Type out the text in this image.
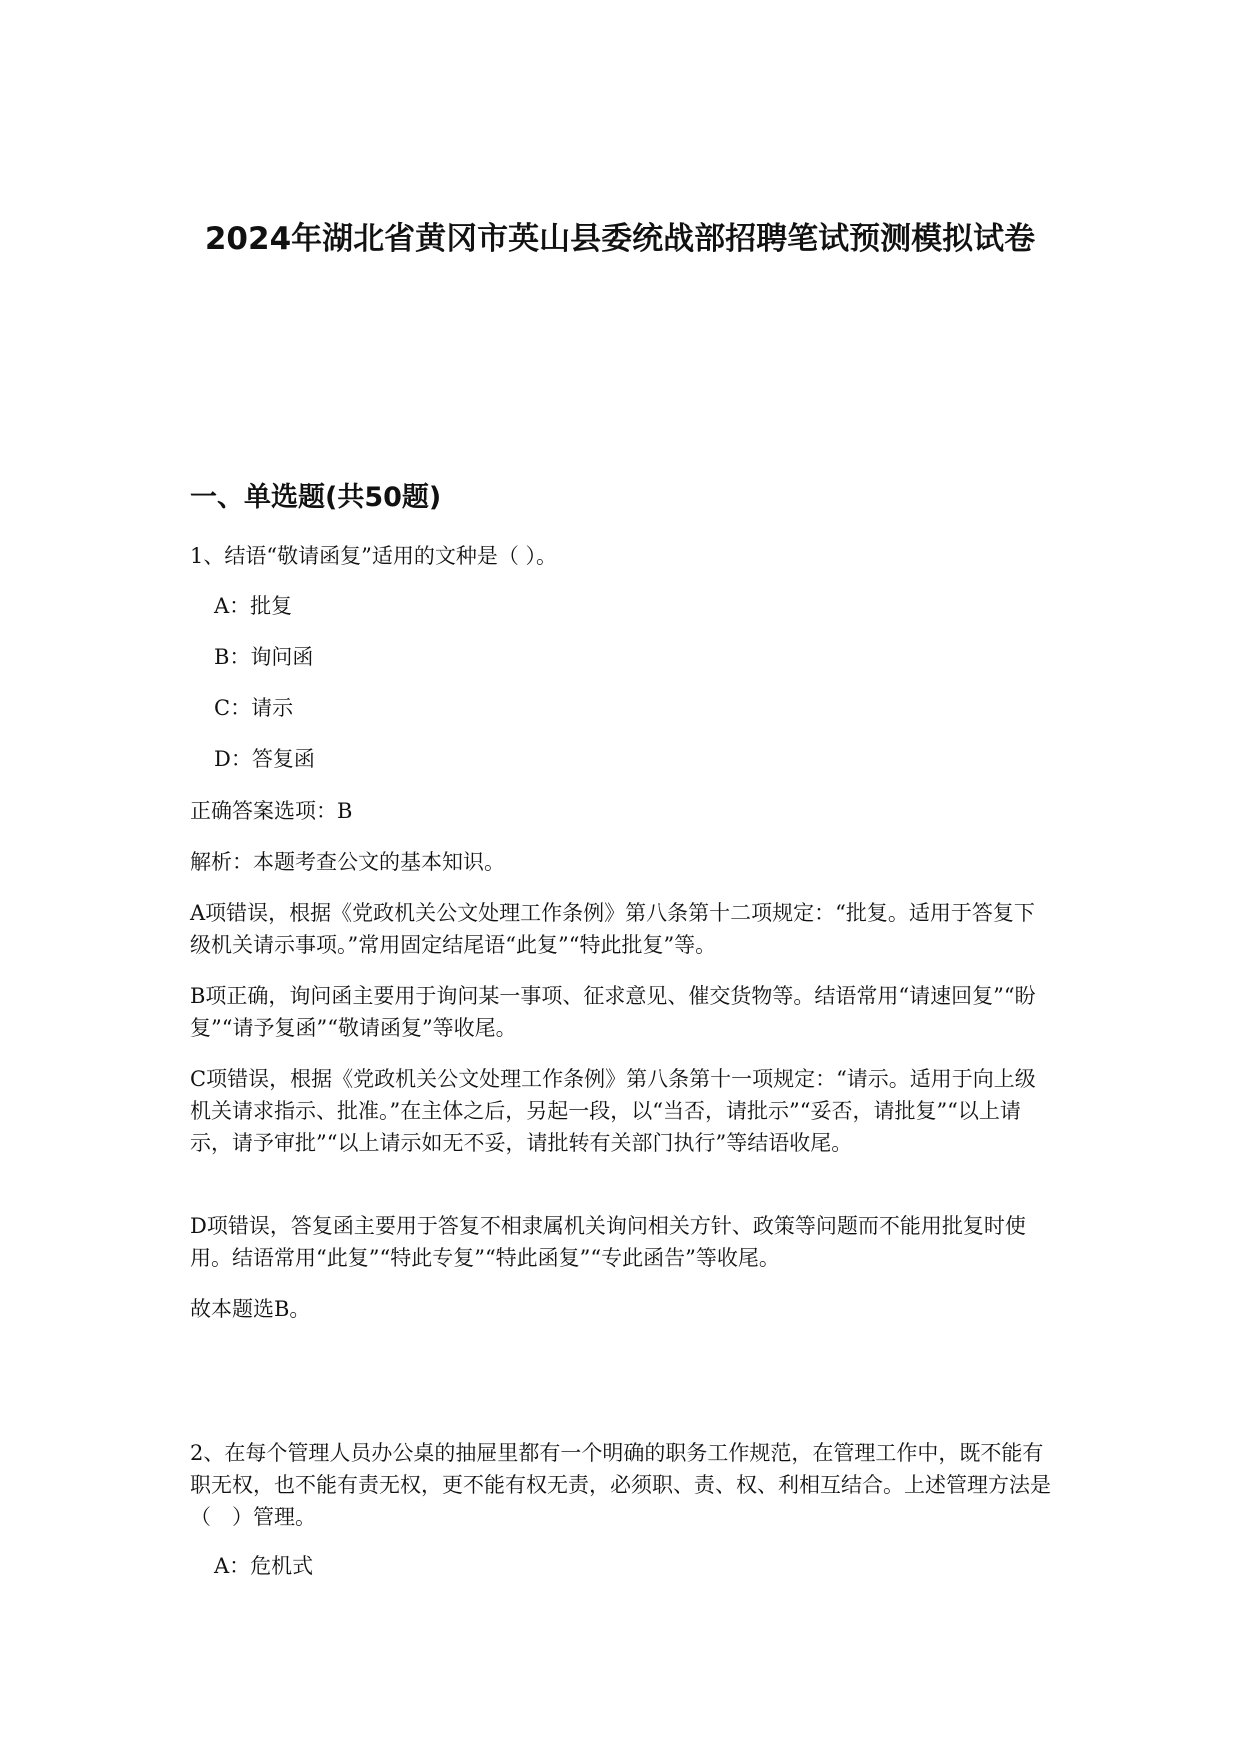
2024年湖北省黄冈市英山县委统战部招聘笔试预测模拟试卷
一、单选题(共50题)

1、结语“敬请函复”适用的文种是（ ）。

A：批复

B：询问函

C：请示

D：答复函

正确答案选项：B

解析：本题考查公文的基本知识。

A项错误，根据《党政机关公文处理工作条例》第八条第十二项规定：“批复。适用于答复下级机关请示事项。”常用固定结尾语“此复”“特此批复”等。

B项正确，询问函主要用于询问某一事项、征求意见、催交货物等。结语常用“请速回复”“盼复”“请予复函”“敬请函复”等收尾。

C项错误，根据《党政机关公文处理工作条例》第八条第十一项规定：“请示。适用于向上级机关请求指示、批准。”在主体之后，另起一段，以“当否，请批示”“妥否，请批复”“以上请示，请予审批”“以上请示如无不妥，请批转有关部门执行”等结语收尾。

D项错误，答复函主要用于答复不相隶属机关询问相关方针、政策等问题而不能用批复时使用。结语常用“此复”“特此专复”“特此函复”“专此函告”等收尾。

故本题选B。

2、在每个管理人员办公桌的抽屉里都有一个明确的职务工作规范，在管理工作中，既不能有职无权，也不能有责无权，更不能有权无责，必须职、责、权、利相互结合。上述管理方法是（　）管理。

A：危机式
